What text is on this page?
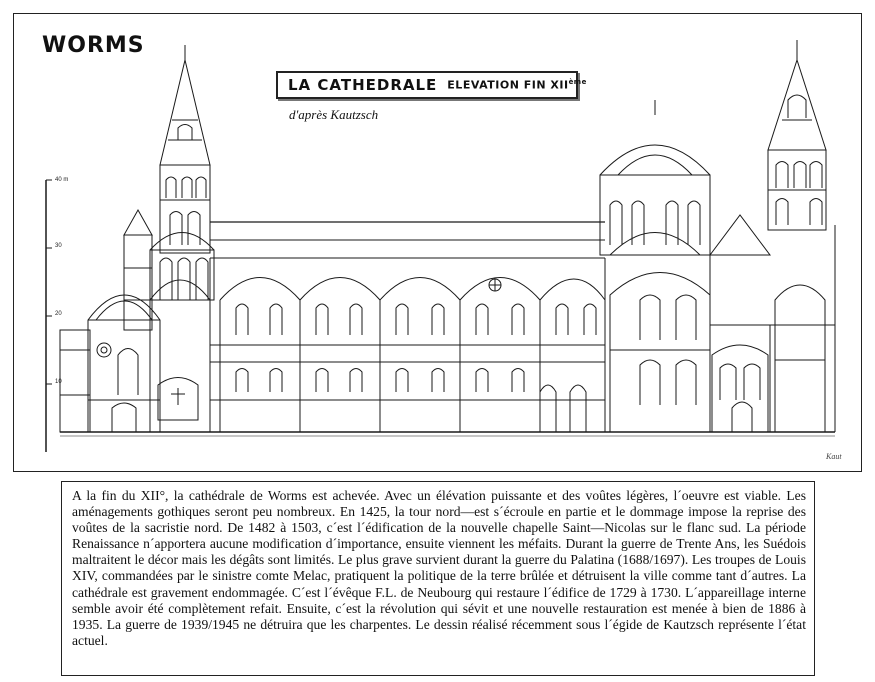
WORMS
LA CATHEDRALE ELEVATION FIN XIIème
d'après Kautzsch
40 m
30
20
10
Kaut
A la fin du XII°, la cathédrale de Worms est achevée. Avec un élévation puissante et des voûtes légères, l´oeuvre est viable. Les aménagements gothiques seront peu nombreux. En 1425, la tour nord—est s´écroule en partie et le dommage impose la reprise des voûtes de la sacristie nord. De 1482 à 1503, c´est l´édification de la nouvelle chapelle Saint—Nicolas sur le flanc sud. La période Renaissance n´apportera aucune modification d´importance, ensuite viennent les méfaits. Durant la guerre de Trente Ans, les Suédois maltraitent le décor mais les dégâts sont limités. Le plus grave survient durant la guerre du Palatina (1688/1697). Les troupes de Louis XIV, commandées par le sinistre comte Melac, pratiquent la politique de la terre brûlée et détruisent la ville comme tant d´autres. La cathédrale est gravement endommagée. C´est l´évêque F.L. de Neubourg qui restaure l´édifice de 1729 à 1730. L´appareillage interne semble avoir été complètement refait. Ensuite, c´est la révolution qui sévit et une nouvelle restauration est menée à bien de 1886 à 1935. La guerre de 1939/1945 ne détruira que les charpentes. Le dessin réalisé récemment sous l´égide de Kautzsch représente l´état actuel.
